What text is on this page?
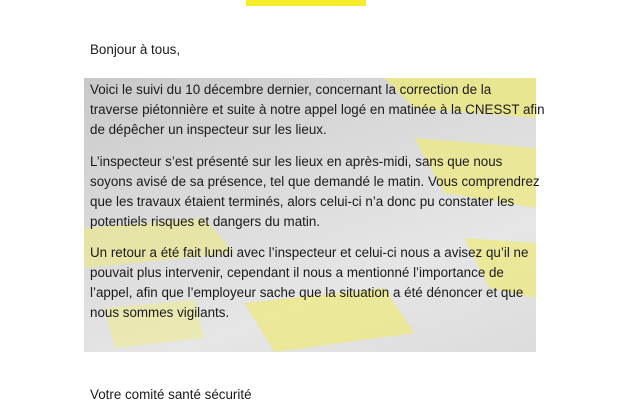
Bonjour à tous,

Voici le suivi du 10 décembre dernier, concernant la correction de la
traverse piétonnière et suite à notre appel logé en matinée à la CNESST afin
de dépêcher un inspecteur sur les lieux.

L’inspecteur s’est présenté sur les lieux en après-midi, sans que nous
soyons avisé de sa présence, tel que demandé le matin. Vous comprendrez
que les travaux étaient terminés, alors celui-ci n’a donc pu constater les
potentiels risques et dangers du matin.

Un retour a été fait lundi avec l’inspecteur et celui-ci nous a avisez qu’il ne
pouvait plus intervenir, cependant il nous a mentionné l’importance de
l’appel, afin que l’employeur sache que la situation a été dénoncer et que
nous sommes vigilants.

Votre comité santé sécurité
